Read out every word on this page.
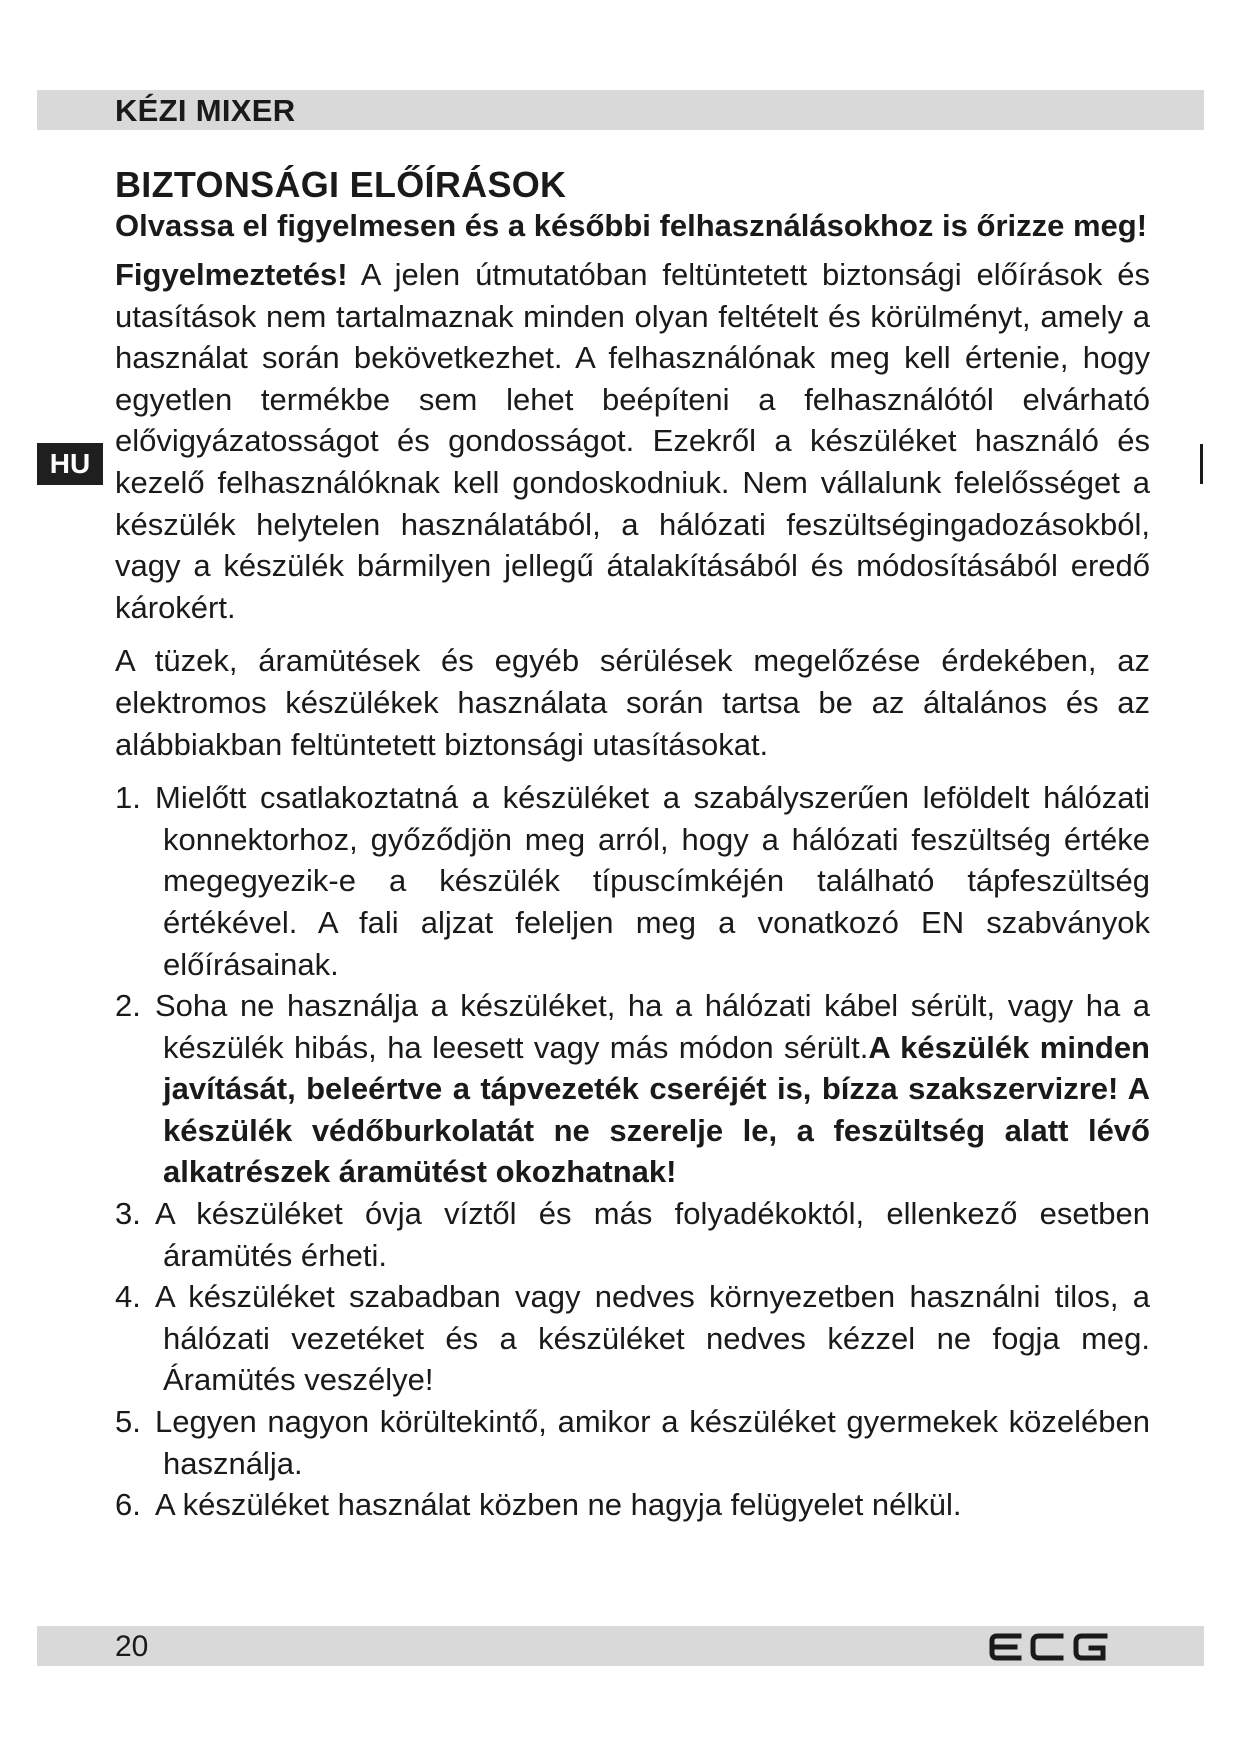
KÉZI MIXER
HU
BIZTONSÁGI ELŐÍRÁSOK
Olvassa el figyelmesen és a későbbi felhasználásokhoz is őrizze meg!

Figyelmeztetés! A jelen útmutatóban feltüntetett biztonsági előírások és utasítások nem tartalmaznak minden olyan feltételt és körülményt, amely a használat során bekövetkezhet. A felhasználónak meg kell értenie, hogy egyetlen termékbe sem lehet beépíteni a felhasználótól elvárható elővigyázatosságot és gondosságot. Ezekről a készüléket használó és kezelő felhasználóknak kell gondoskodniuk. Nem vállalunk felelősséget a készülék helytelen használatából, a hálózati feszültségingadozásokból, vagy a készülék bármilyen jellegű átalakításából és módosításából eredő károkért.

A tüzek, áramütések és egyéb sérülések megelőzése érdekében, az elektromos készülékek használata során tartsa be az általános és az alábbiakban feltüntetett biztonsági utasításokat.

1. Mielőtt csatlakoztatná a készüléket a szabályszerűen leföldelt hálózati konnektorhoz, győződjön meg arról, hogy a hálózati feszültség értéke megegyezik-e a készülék típuscímkéjén található tápfeszültség értékével. A fali aljzat feleljen meg a vonatkozó EN szabványok előírásainak.
2. Soha ne használja a készüléket, ha a hálózati kábel sérült, vagy ha a készülék hibás, ha leesett vagy más módon sérült.A készülék minden javítását, beleértve a tápvezeték cseréjét is, bízza szakszervizre! A készülék védőburkolatát ne szerelje le, a feszültség alatt lévő alkatrészek áramütést okozhatnak!
3. A készüléket óvja víztől és más folyadékoktól, ellenkező esetben áramütés érheti.
4. A készüléket szabadban vagy nedves környezetben használni tilos, a hálózati vezetéket és a készüléket nedves kézzel ne fogja meg. Áramütés veszélye!
5. Legyen nagyon körültekintő, amikor a készüléket gyermekek közelében használja.
6. A készüléket használat közben ne hagyja felügyelet nélkül.
20
